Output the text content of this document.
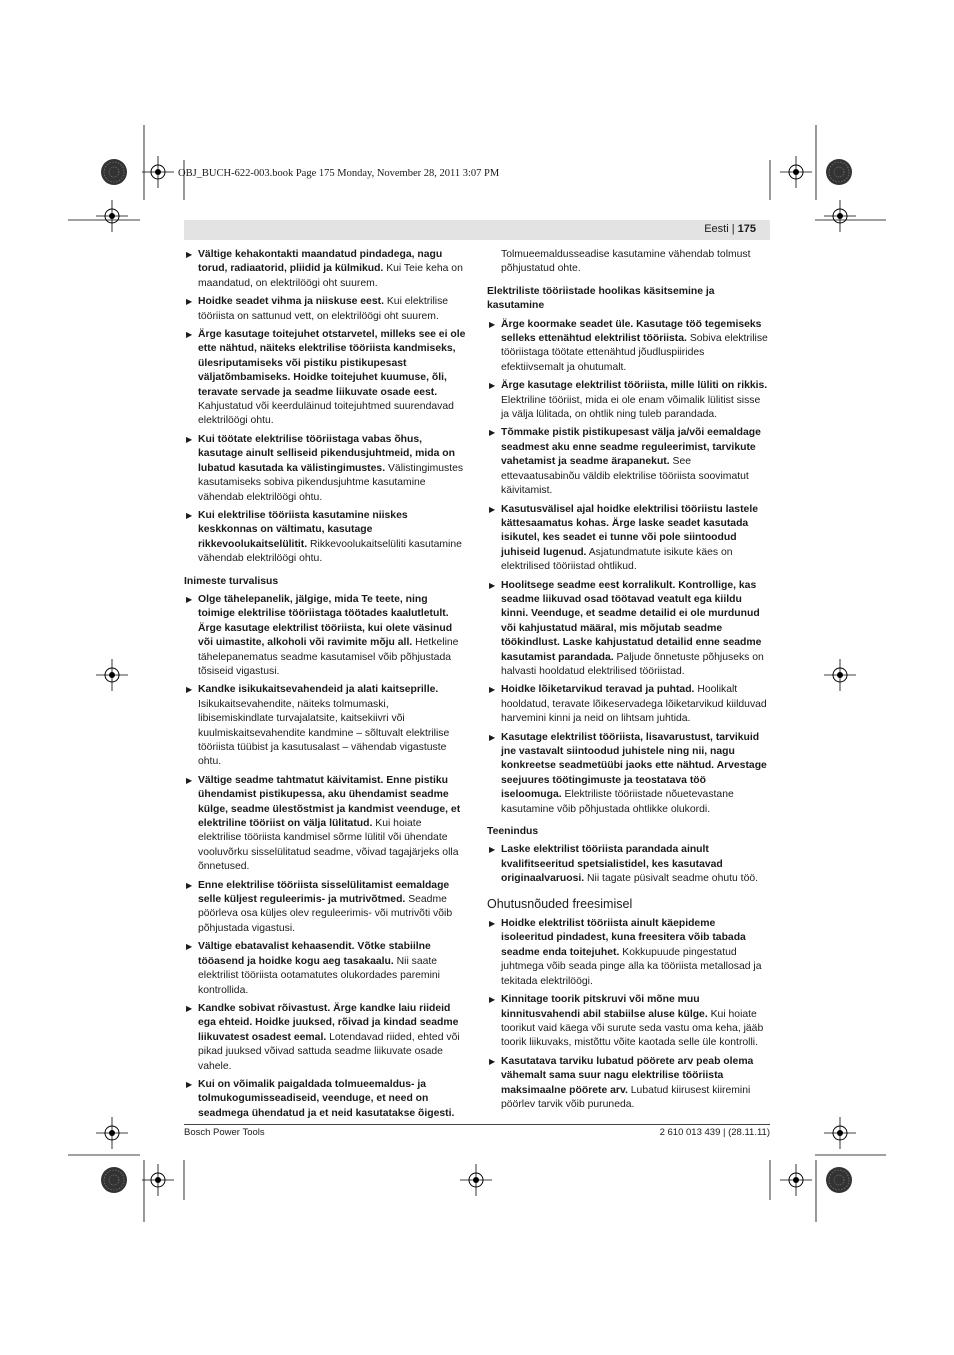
OBJ_BUCH-622-003.book Page 175 Monday, November 28, 2011 3:07 PM
Eesti | 175
▶ Vältige kehakontakti maandatud pindadega, nagu torud, radiaatorid, pliidid ja külmikud. Kui Teie keha on maandatud, on elektrilöögi oht suurem.
▶ Hoidke seadet vihma ja niiskuse eest. Kui elektrilise tööriista on sattunud vett, on elektrilöögi oht suurem.
▶ Ärge kasutage toitejuhet otstarvetel, milleks see ei ole ette nähtud, näiteks elektrilise tööriista kandmiseks, ülesriputamiseks või pistiku pistikupesast väljatõmbamiseks. Hoidke toitejuhet kuumuse, õli, teravate servade ja seadme liikuvate osade eest. Kahjustatud või keerduläinud toitejuhtmed suurendavad elektrilöögi ohtu.
▶ Kui töötate elektrilise tööriistaga vabas õhus, kasutage ainult selliseid pikendusjuhtmeid, mida on lubatud kasutada ka välistingimustes. Välistingimustes kasutamiseks sobiva pikendusjuhtme kasutamine vähendab elektrilöögi ohtu.
▶ Kui elektrilise tööriista kasutamine niiskes keskkonnas on vältimatu, kasutage rikkevoolukaitselülitit. Rikkevoolukaitselüliti kasutamine vähendab elektrilöögi ohtu.
Inimeste turvalisus
▶ Olge tähelepanelik, jälgige, mida Te teete, ning toimige elektrilise tööriistaga töötades kaalutletult. Ärge kasutage elektrilist tööriista, kui olete väsinud või uimastite, alkoholi või ravimite mõju all. Hetkeline tähelepanematus seadme kasutamisel võib põhjustada tõsiseid vigastusi.
▶ Kandke isikukaitsevahendeid ja alati kaitseprille. Isikukaitsevahendite, näiteks tolmumaski, libisemiskindlate turvajalatsite, kaitsekiivri või kuulmiskaitsevahendite kandmine – sõltuvalt elektrilise tööriista tüübist ja kasutusalast – vähendab vigastuste ohtu.
▶ Vältige seadme tahtmatut käivitamist. Enne pistiku ühendamist pistikupessa, aku ühendamist seadme külge, seadme ülestõstmist ja kandmist veenduge, et elektriline tööriist on välja lülitatud. Kui hoiate elektrilise tööriista kandmisel sõrme lülitil või ühendate vooluvõrku sisselülitatud seadme, võivad tagajärjeks olla õnnetused.
▶ Enne elektrilise tööriista sisselülitamist eemaldage selle küljest reguleerimis- ja mutrivõtmed. Seadme pöörleva osa küljes olev reguleerimis- või mutrivõti võib põhjustada vigastusi.
▶ Vältige ebatavalist kehaasendit. Võtke stabiilne tööasend ja hoidke kogu aeg tasakaalu. Nii saate elektrilist tööriista ootamatutes olukordades paremini kontrollida.
▶ Kandke sobivat rõivastust. Ärge kandke laiu riideid ega ehteid. Hoidke juuksed, rõivad ja kindad seadme liikuvatest osadest eemal. Lotendavad riided, ehted või pikad juuksed võivad sattuda seadme liikuvate osade vahele.
▶ Kui on võimalik paigaldada tolmueemaldus- ja tolmukogumisseadiseid, veenduge, et need on seadmega ühendatud ja et neid kasutatakse õigesti.
Tolmueemaldusseadise kasutamine vähendab tolmust põhjustatud ohte.
Elektriliste tööriistade hoolikas käsitsemine ja kasutamine
▶ Ärge koormake seadet üle. Kasutage töö tegemiseks selleks ettenähtud elektrilist tööriista. Sobiva elektrilise tööriistaga töötate ettenähtud jõudluspiirides efektiivsemalt ja ohutumalt.
▶ Ärge kasutage elektrilist tööriista, mille lüliti on rikkis. Elektriline tööriist, mida ei ole enam võimalik lülitist sisse ja välja lülitada, on ohtlik ning tuleb parandada.
▶ Tõmmake pistik pistikupesast välja ja/või eemaldage seadmest aku enne seadme reguleerimist, tarvikute vahetamist ja seadme ärapanekut. See ettevaatusabinõu väldib elektrilise tööriista soovimatut käivitamist.
▶ Kasutusvälisel ajal hoidke elektrilisi tööriistu lastele kättesaamatus kohas. Ärge laske seadet kasutada isikutel, kes seadet ei tunne või pole siintoodud juhiseid lugenud. Asjatundmatute isikute käes on elektrilised tööriistad ohtlikud.
▶ Hoolitsege seadme eest korralikult. Kontrollige, kas seadme liikuvad osad töötavad veatult ega kiildu kinni. Veenduge, et seadme detailid ei ole murdunud või kahjustatud määral, mis mõjutab seadme töökindlust. Laske kahjustatud detailid enne seadme kasutamist parandada. Paljude õnnetuste põhjuseks on halvasti hooldatud elektrilised tööriistad.
▶ Hoidke lõiketarvikud teravad ja puhtad. Hoolikalt hooldatud, teravate lõikeservadega lõiketarvikud kiilduvad harvemini kinni ja neid on lihtsam juhtida.
▶ Kasutage elektrilist tööriista, lisavarustust, tarvikuid jne vastavalt siintoodud juhistele ning nii, nagu konkreetse seadmetüübi jaoks ette nähtud. Arvestage seejuures töötingimuste ja teostatava töö iseloomuga. Elektriliste tööriistade nõuetevastane kasutamine võib põhjustada ohtlikke olukordi.
Teenindus
▶ Laske elektrilist tööriista parandada ainult kvalifitseeritud spetsialistidel, kes kasutavad originaalvaruosi. Nii tagate püsivalt seadme ohutu töö.
Ohutusnõuded freesimisel
▶ Hoidke elektrilist tööriista ainult käepideme isoleeritud pindadest, kuna freesitera võib tabada seadme enda toitejuhet. Kokkupuude pingestatud juhtmega võib seada pinge alla ka tööriista metallosad ja tekitada elektrilöögi.
▶ Kinnitage toorik pitskruvi või mõne muu kinnitusvahendi abil stabiilse aluse külge. Kui hoiate toorikut vaid käega või surute seda vastu oma keha, jääb toorik liikuvaks, mistõttu võite kaotada selle üle kontrolli.
▶ Kasutatava tarviku lubatud pöörete arv peab olema vähemalt sama suur nagu elektrilise tööriista maksimaalne pöörete arv. Lubatud kiirusest kiiremini pöörlev tarvik võib puruneda.
Bosch Power Tools	2 610 013 439 | (28.11.11)
